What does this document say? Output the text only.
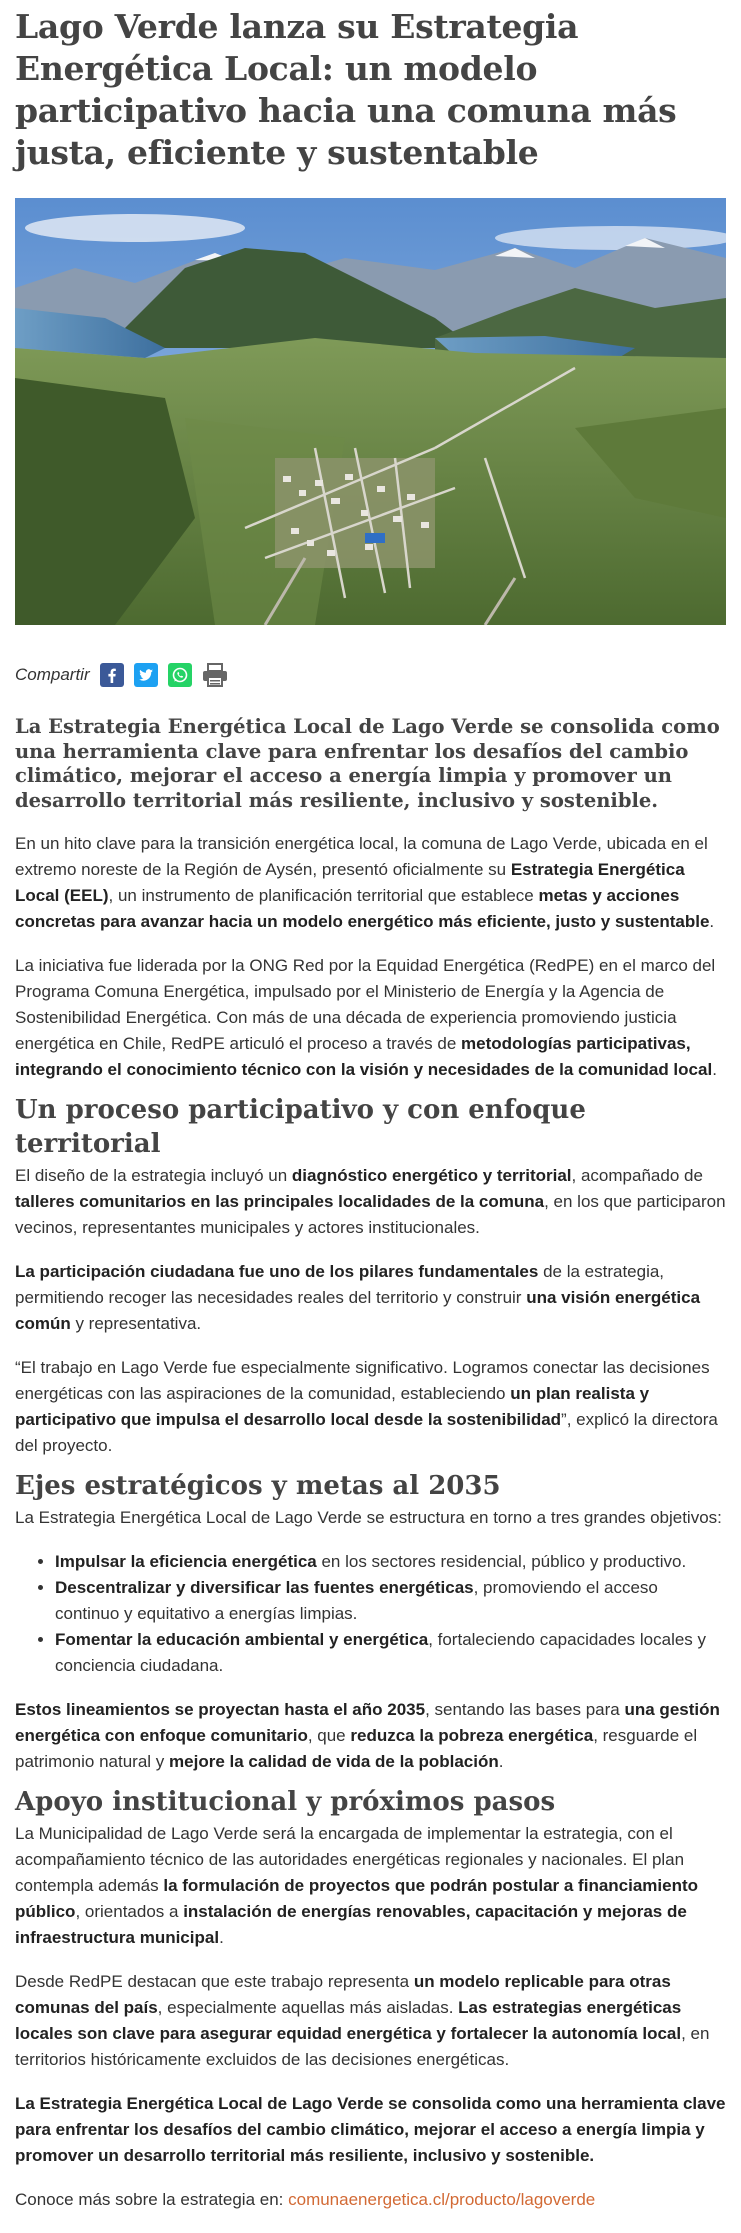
Lago Verde lanza su Estrategia Energética Local: un modelo participativo hacia una comuna más justa, eficiente y sustentable
Compartir
La Estrategia Energética Local de Lago Verde se consolida como una herramienta clave para enfrentar los desafíos del cambio climático, mejorar el acceso a energía limpia y promover un desarrollo territorial más resiliente, inclusivo y sostenible.

En un hito clave para la transición energética local, la comuna de Lago Verde, ubicada en el extremo noreste de la Región de Aysén, presentó oficialmente su Estrategia Energética Local (EEL), un instrumento de planificación territorial que establece metas y acciones concretas para avanzar hacia un modelo energético más eficiente, justo y sustentable.

La iniciativa fue liderada por la ONG Red por la Equidad Energética (RedPE) en el marco del Programa Comuna Energética, impulsado por el Ministerio de Energía y la Agencia de Sostenibilidad Energética. Con más de una década de experiencia promoviendo justicia energética en Chile, RedPE articuló el proceso a través de metodologías participativas, integrando el conocimiento técnico con la visión y necesidades de la comunidad local.

Un proceso participativo y con enfoque territorial

El diseño de la estrategia incluyó un diagnóstico energético y territorial, acompañado de talleres comunitarios en las principales localidades de la comuna, en los que participaron vecinos, representantes municipales y actores institucionales.

La participación ciudadana fue uno de los pilares fundamentales de la estrategia, permitiendo recoger las necesidades reales del territorio y construir una visión energética común y representativa.

“El trabajo en Lago Verde fue especialmente significativo. Logramos conectar las decisiones energéticas con las aspiraciones de la comunidad, estableciendo un plan realista y participativo que impulsa el desarrollo local desde la sostenibilidad”, explicó la directora del proyecto.

Ejes estratégicos y metas al 2035

La Estrategia Energética Local de Lago Verde se estructura en torno a tres grandes objetivos:

• Impulsar la eficiencia energética en los sectores residencial, público y productivo.
• Descentralizar y diversificar las fuentes energéticas, promoviendo el acceso continuo y equitativo a energías limpias.
• Fomentar la educación ambiental y energética, fortaleciendo capacidades locales y conciencia ciudadana.

Estos lineamientos se proyectan hasta el año 2035, sentando las bases para una gestión energética con enfoque comunitario, que reduzca la pobreza energética, resguarde el patrimonio natural y mejore la calidad de vida de la población.

Apoyo institucional y próximos pasos

La Municipalidad de Lago Verde será la encargada de implementar la estrategia, con el acompañamiento técnico de las autoridades energéticas regionales y nacionales. El plan contempla además la formulación de proyectos que podrán postular a financiamiento público, orientados a instalación de energías renovables, capacitación y mejoras de infraestructura municipal.

Desde RedPE destacan que este trabajo representa un modelo replicable para otras comunas del país, especialmente aquellas más aisladas. Las estrategias energéticas locales son clave para asegurar equidad energética y fortalecer la autonomía local, en territorios históricamente excluidos de las decisiones energéticas.

La Estrategia Energética Local de Lago Verde se consolida como una herramienta clave para enfrentar los desafíos del cambio climático, mejorar el acceso a energía limpia y promover un desarrollo territorial más resiliente, inclusivo y sostenible.

Conoce más sobre la estrategia en: comunaenergetica.cl/producto/lagoverde
